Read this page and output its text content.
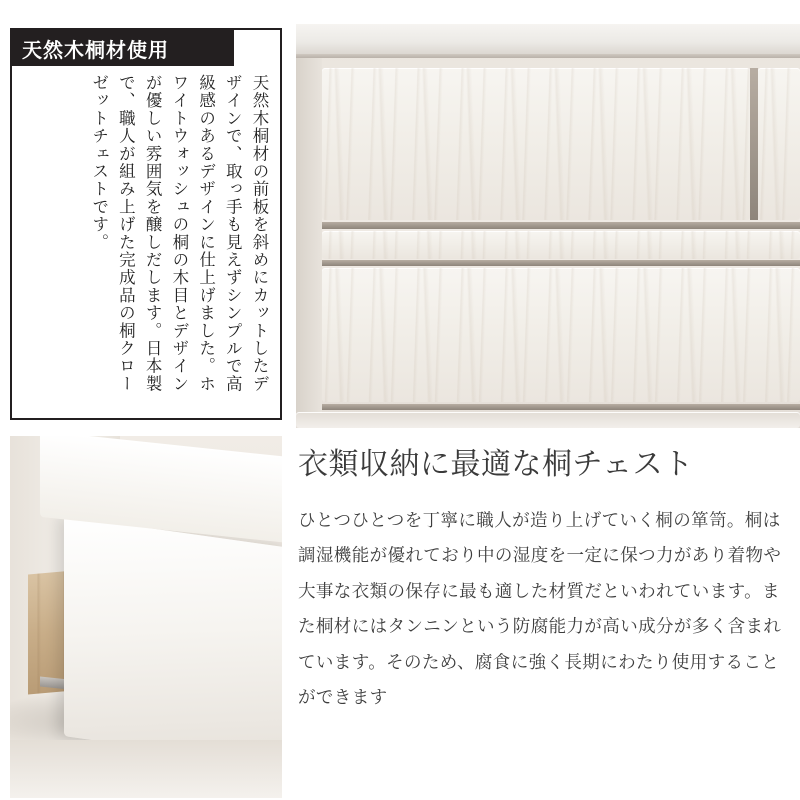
天然木桐材使用
天然木桐材の前板を斜めにカットしたデザインで、取っ手も見えずシンプルで高級感のあるデザインに仕上げました。ホワイトウォッシュの桐の木目とデザインが優しい雰囲気を醸しだします。日本製で、職人が組み上げた完成品の桐クローゼットチェストです。
衣類収納に最適な桐チェスト

ひとつひとつを丁寧に職人が造り上げていく桐の箪笥。桐は調湿機能が優れており中の湿度を一定に保つ力があり着物や大事な衣類の保存に最も適した材質だといわれています。また桐材にはタンニンという防腐能力が高い成分が多く含まれています。そのため、腐食に強く長期にわたり使用することができます
